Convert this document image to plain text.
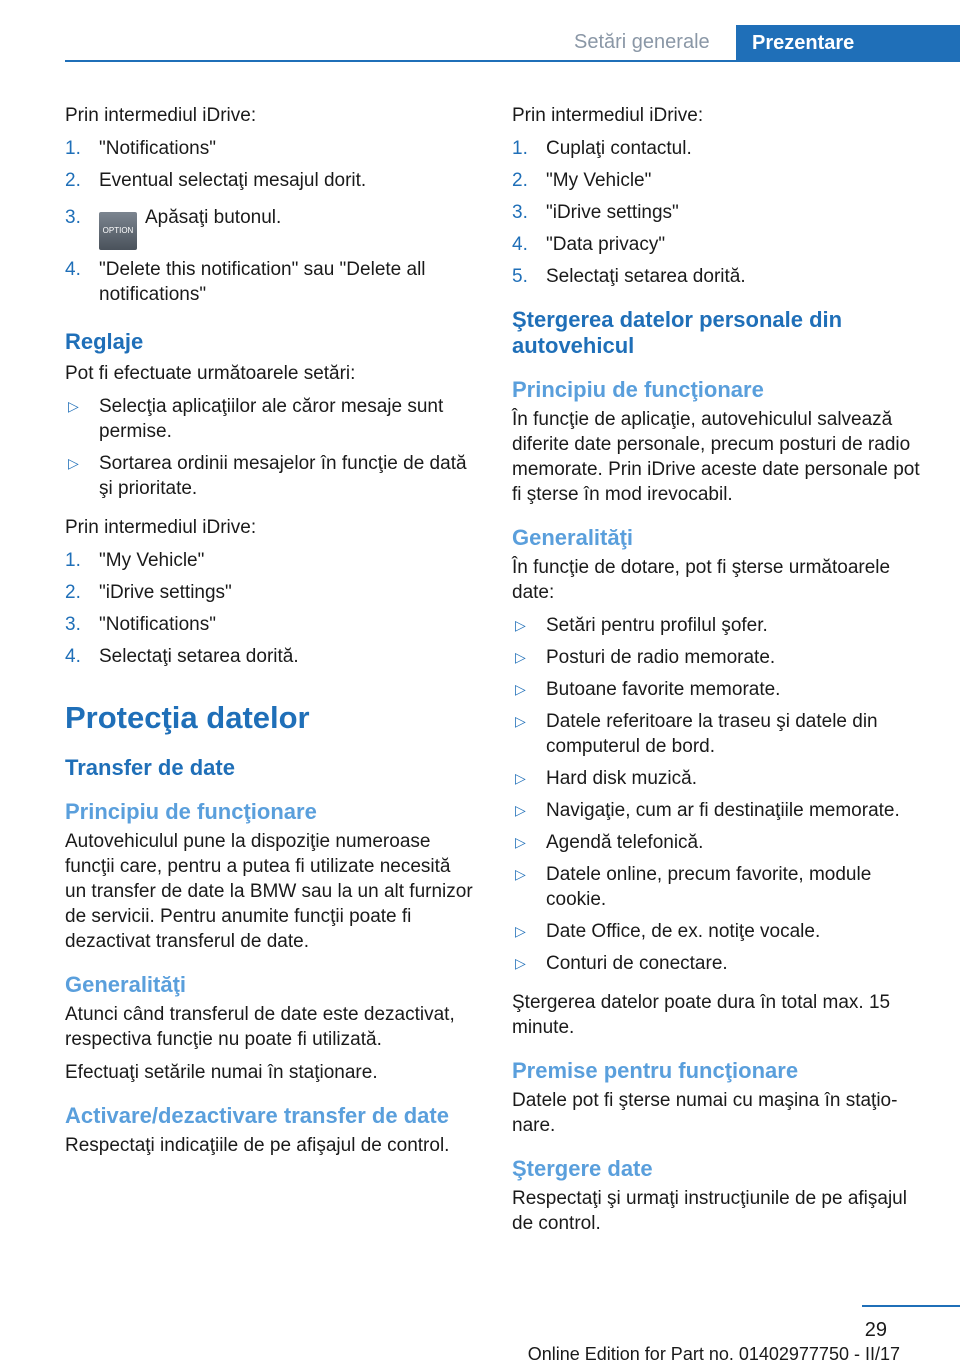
Setări generale	Prezentare

Prin intermediul iDrive:

1. "Notifications"
2. Eventual selectaţi mesajul dorit.
3.
OPTIONApăsaţi butonul.
4. "Delete this notification" sau "Delete all notifications"
Reglaje

Pot fi efectuate următoarele setări:

▷ Selecţia aplicaţiilor ale căror mesaje sunt permise.
▷ Sortarea ordinii mesajelor în funcţie de dată şi prioritate.

Prin intermediul iDrive:

1. "My Vehicle"
2. "iDrive settings"
3. "Notifications"
4. Selectaţi setarea dorită.
Protecţia datelor
Transfer de date
Principiu de funcţionare

Autovehiculul pune la dispoziţie numeroase funcţii care, pentru a putea fi utilizate necesită un transfer de date la BMW sau la un alt furnizor de servicii. Pentru anumite funcţii poate fi dezactivat transferul de date.

Generalităţi

Atunci când transferul de date este dezactivat, respectiva funcţie nu poate fi utilizată.

Efectuaţi setările numai în staţionare.

Activare/dezactivare transfer de date

Respectaţi indicaţiile de pe afişajul de control.

Prin intermediul iDrive:

1. Cuplaţi contactul.
2. "My Vehicle"
3. "iDrive settings"
4. "Data privacy"
5. Selectaţi setarea dorită.
Ştergerea datelor personale din autovehicul
Principiu de funcţionare

În funcţie de aplicaţie, autovehiculul salvează diferite date personale, precum posturi de radio memorate. Prin iDrive aceste date personale pot fi şterse în mod irevocabil.

Generalităţi

În funcţie de dotare, pot fi şterse următoarele date:

▷ Setări pentru profilul şofer.
▷ Posturi de radio memorate.
▷ Butoane favorite memorate.
▷ Datele referitoare la traseu şi datele din computerul de bord.
▷ Hard disk muzică.
▷ Navigaţie, cum ar fi destinaţiile memorate.
▷ Agendă telefonică.
▷ Datele online, precum favorite, module cookie.
▷ Date Office, de ex. notiţe vocale.
▷ Conturi de conectare.

Ştergerea datelor poate dura în total max. 15 minute.

Premise pentru funcţionare

Datele pot fi şterse numai cu maşina în staţionare.

Ştergere date

Respectaţi şi urmaţi instrucţiunile de pe afişajul de control.

29
Online Edition for Part no. 01402977750 - II/17
